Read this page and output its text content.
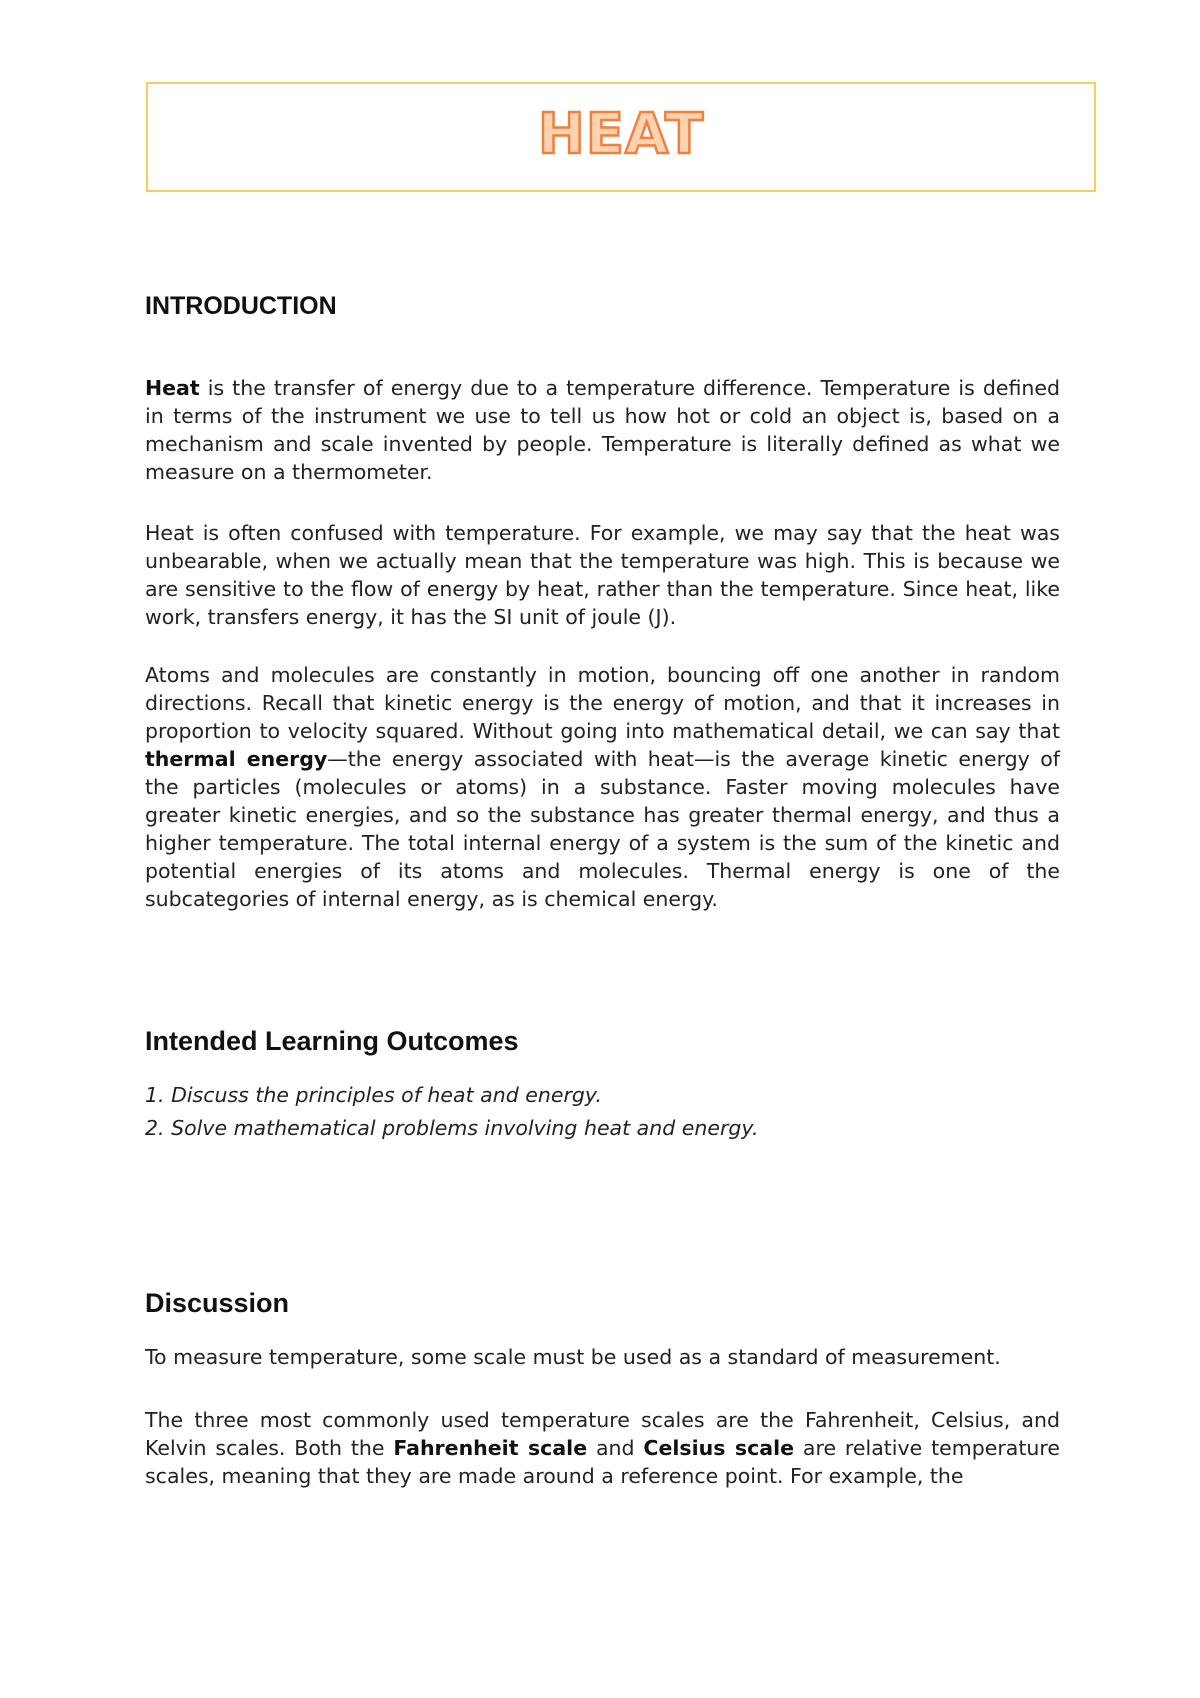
HEAT
INTRODUCTION

Heat is the transfer of energy due to a temperature difference. Temperature is defined in terms of the instrument we use to tell us how hot or cold an object is, based on a mechanism and scale invented by people. Temperature is literally defined as what we measure on a thermometer.

Heat is often confused with temperature. For example, we may say that the heat was unbearable, when we actually mean that the temperature was high. This is because we are sensitive to the flow of energy by heat, rather than the temperature. Since heat, like work, transfers energy, it has the SI unit of joule (J).

Atoms and molecules are constantly in motion, bouncing off one another in random directions. Recall that kinetic energy is the energy of motion, and that it increases in proportion to velocity squared. Without going into mathematical detail, we can say that thermal energy—the energy associated with heat—is the average kinetic energy of the particles (molecules or atoms) in a substance. Faster moving molecules have greater kinetic energies, and so the substance has greater thermal energy, and thus a higher temperature. The total internal energy of a system is the sum of the kinetic and potential energies of its atoms and molecules. Thermal energy is one of the subcategories of internal energy, as is chemical energy.

Intended Learning Outcomes

1. Discuss the principles of heat and energy.

2. Solve mathematical problems involving heat and energy.

Discussion

To measure temperature, some scale must be used as a standard of measurement.

The three most commonly used temperature scales are the Fahrenheit, Celsius, and Kelvin scales. Both the Fahrenheit scale and Celsius scale are relative temperature scales, meaning that they are made around a reference point. For example, the
